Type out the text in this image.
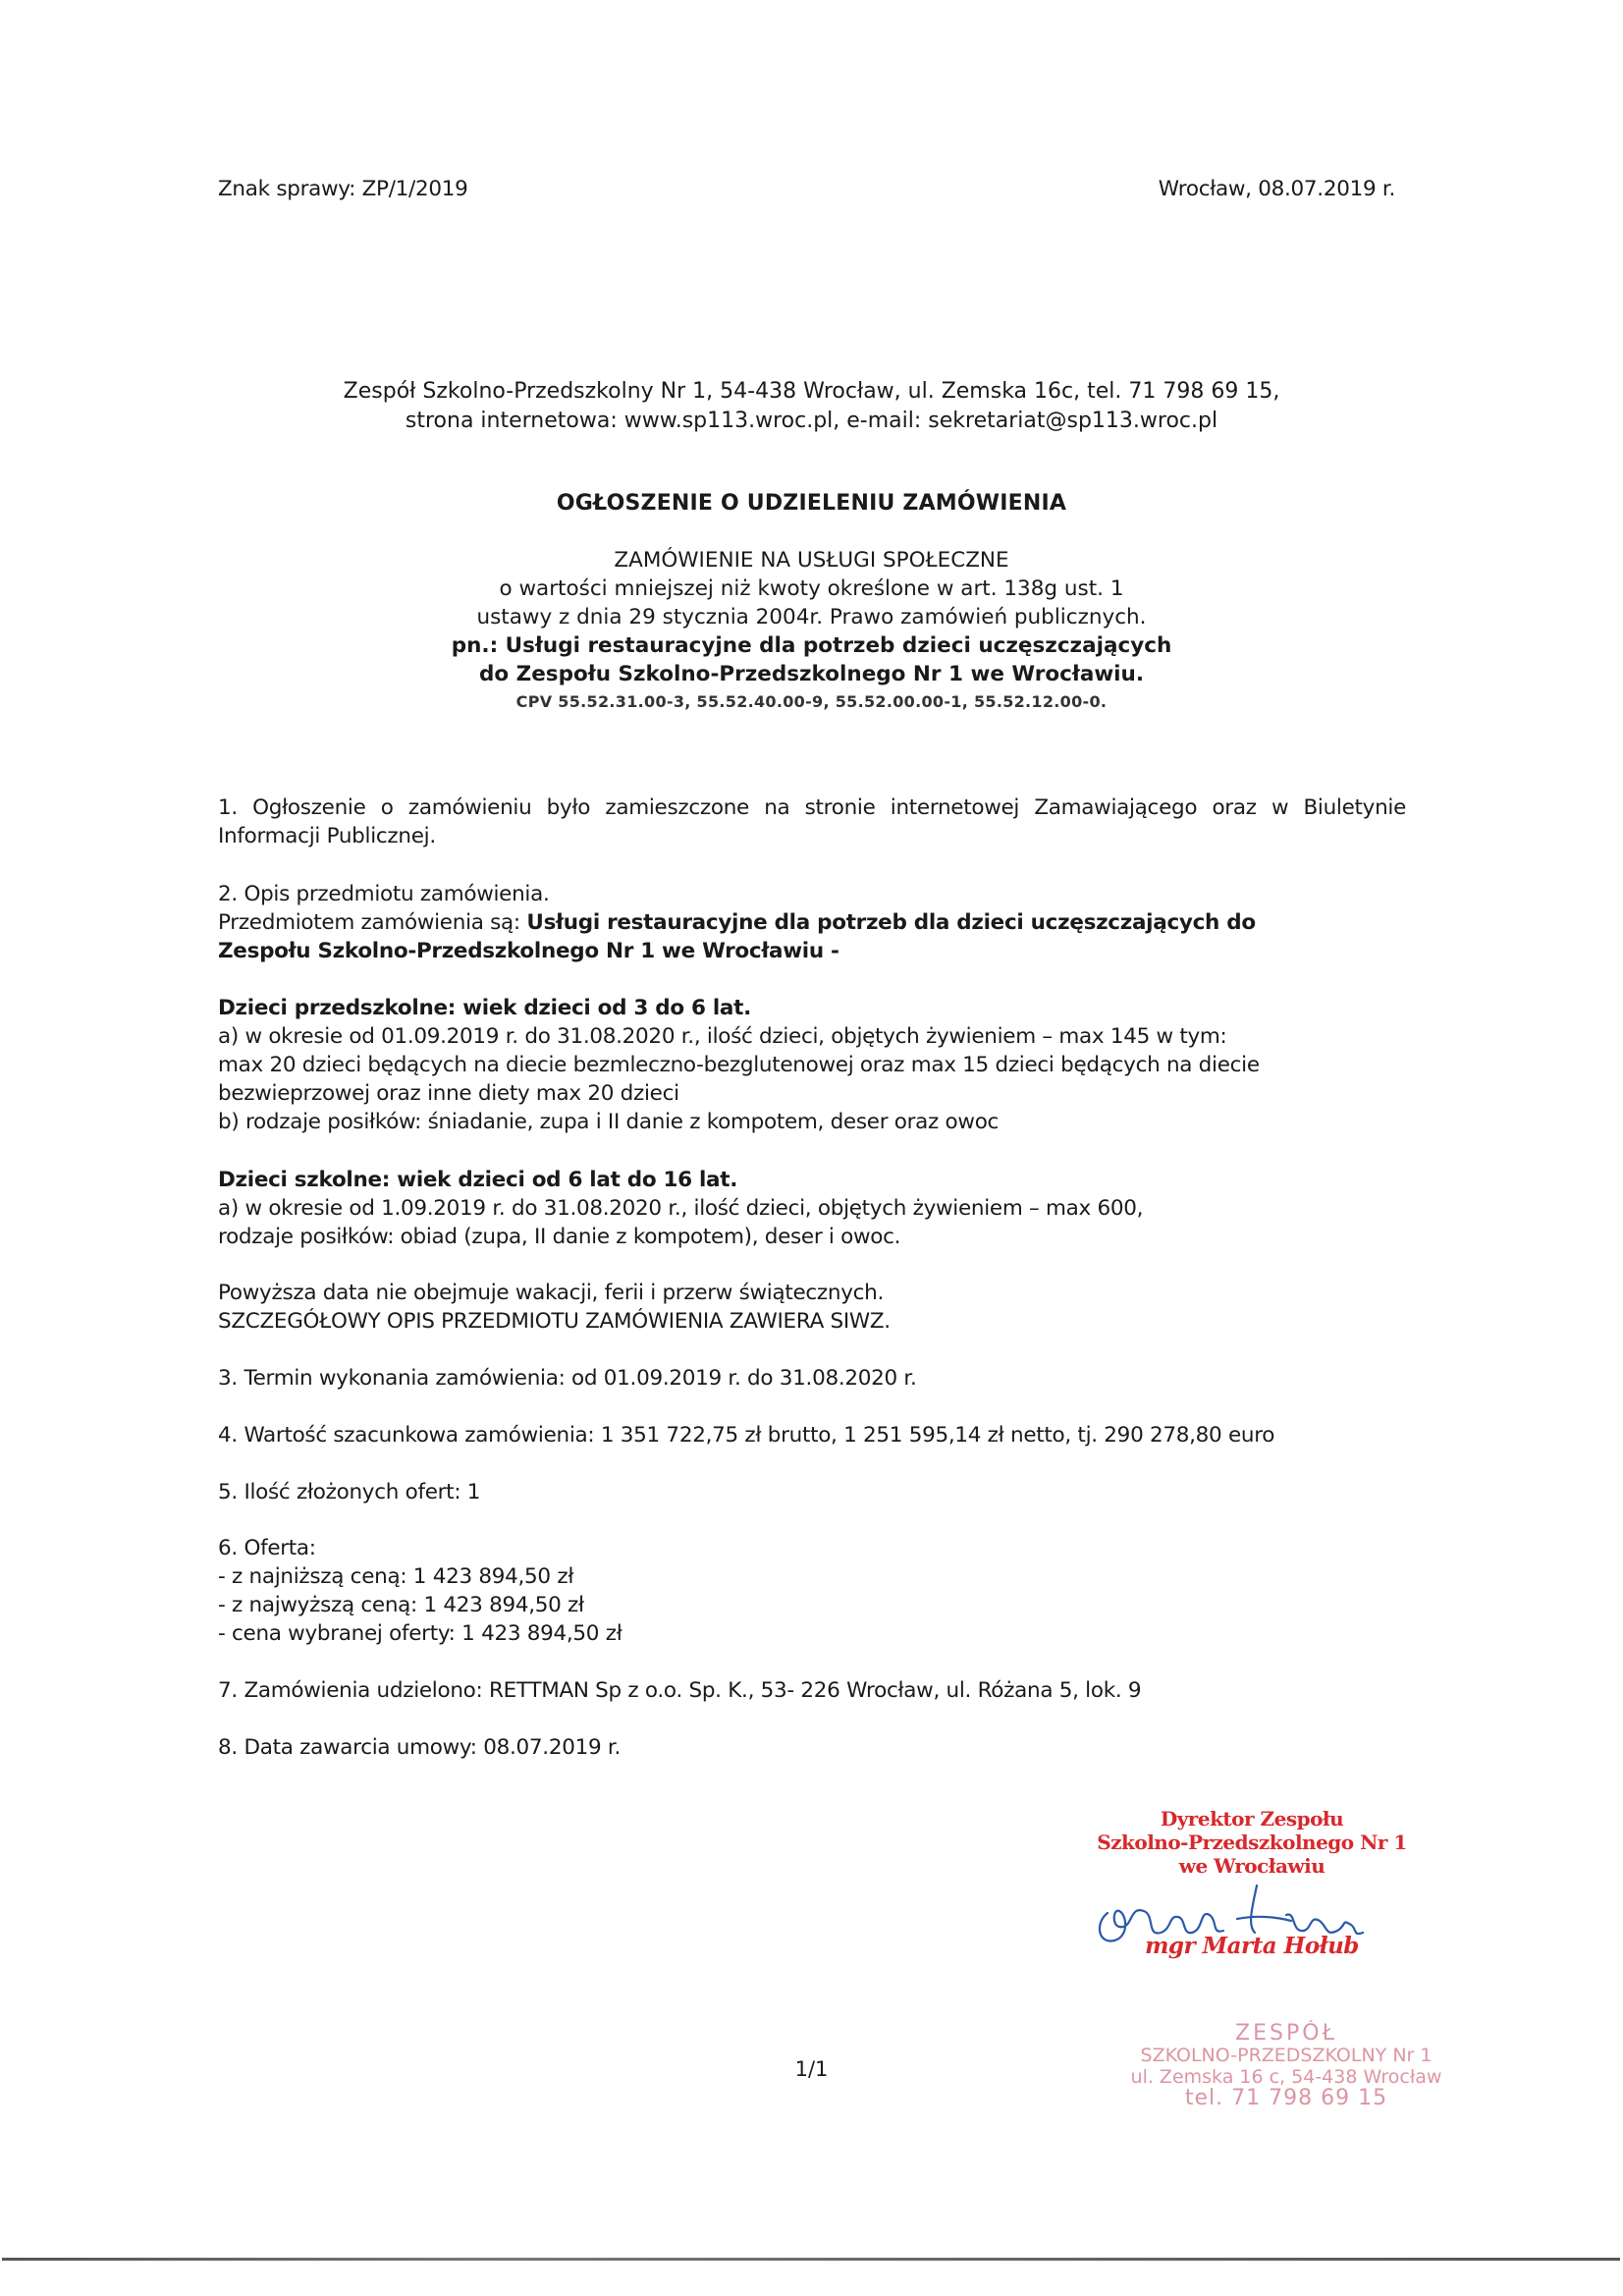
Znak sprawy: ZP/1/2019	Wrocław, 08.07.2019 r.
Zespół Szkolno-Przedszkolny Nr 1, 54-438 Wrocław, ul. Zemska 16c, tel. 71 798 69 15,
strona internetowa: www.sp113.wroc.pl, e-mail: sekretariat@sp113.wroc.pl
OGŁOSZENIE O UDZIELENIU ZAMÓWIENIA
ZAMÓWIENIE NA USŁUGI SPOŁECZNE
o wartości mniejszej niż kwoty określone w art. 138g ust. 1
ustawy z dnia 29 stycznia 2004r. Prawo zamówień publicznych.
pn.: Usługi restauracyjne dla potrzeb dzieci uczęszczających
do Zespołu Szkolno-Przedszkolnego Nr 1 we Wrocławiu.
CPV 55.52.31.00-3, 55.52.40.00-9, 55.52.00.00-1, 55.52.12.00-0.
1. Ogłoszenie o zamówieniu było zamieszczone na stronie internetowej Zamawiającego oraz w Biuletynie Informacji Publicznej.
2. Opis przedmiotu zamówienia.
Przedmiotem zamówienia są: Usługi restauracyjne dla potrzeb dla dzieci uczęszczających do Zespołu Szkolno-Przedszkolnego Nr 1 we Wrocławiu -
Dzieci przedszkolne: wiek dzieci od 3 do 6 lat.
a) w okresie od 01.09.2019 r. do 31.08.2020 r., ilość dzieci, objętych żywieniem – max 145 w tym:
max 20 dzieci będących na diecie bezmleczno-bezglutenowej oraz max 15 dzieci będących na diecie
bezwieprzowej oraz inne diety max 20 dzieci
b) rodzaje posiłków: śniadanie, zupa i II danie z kompotem, deser oraz owoc
Dzieci szkolne: wiek dzieci od 6 lat do 16 lat.
a) w okresie od 1.09.2019 r. do 31.08.2020 r., ilość dzieci, objętych żywieniem – max 600,
rodzaje posiłków: obiad (zupa, II danie z kompotem), deser i owoc.
Powyższa data nie obejmuje wakacji, ferii i przerw świątecznych.
SZCZEGÓŁOWY OPIS PRZEDMIOTU ZAMÓWIENIA ZAWIERA SIWZ.
3. Termin wykonania zamówienia: od 01.09.2019 r. do 31.08.2020 r.
4. Wartość szacunkowa zamówienia: 1 351 722,75 zł brutto, 1 251 595,14 zł netto, tj. 290 278,80 euro
5. Ilość złożonych ofert: 1
6. Oferta:
- z najniższą ceną: 1 423 894,50 zł
- z najwyższą ceną: 1 423 894,50 zł
- cena wybranej oferty: 1 423 894,50 zł
7. Zamówienia udzielono: RETTMAN Sp z o.o. Sp. K., 53- 226 Wrocław, ul. Różana 5, lok. 9
8. Data zawarcia umowy: 08.07.2019 r.
Dyrektor Zespołu
Szkolno-Przedszkolnego Nr 1
we Wrocławiu
mgr Marta Hołub
1/1
ZESPÓŁ
SZKOLNO-PRZEDSZKOLNY Nr 1
ul. Zemska 16 c, 54-438 Wrocław
tel. 71 798 69 15
